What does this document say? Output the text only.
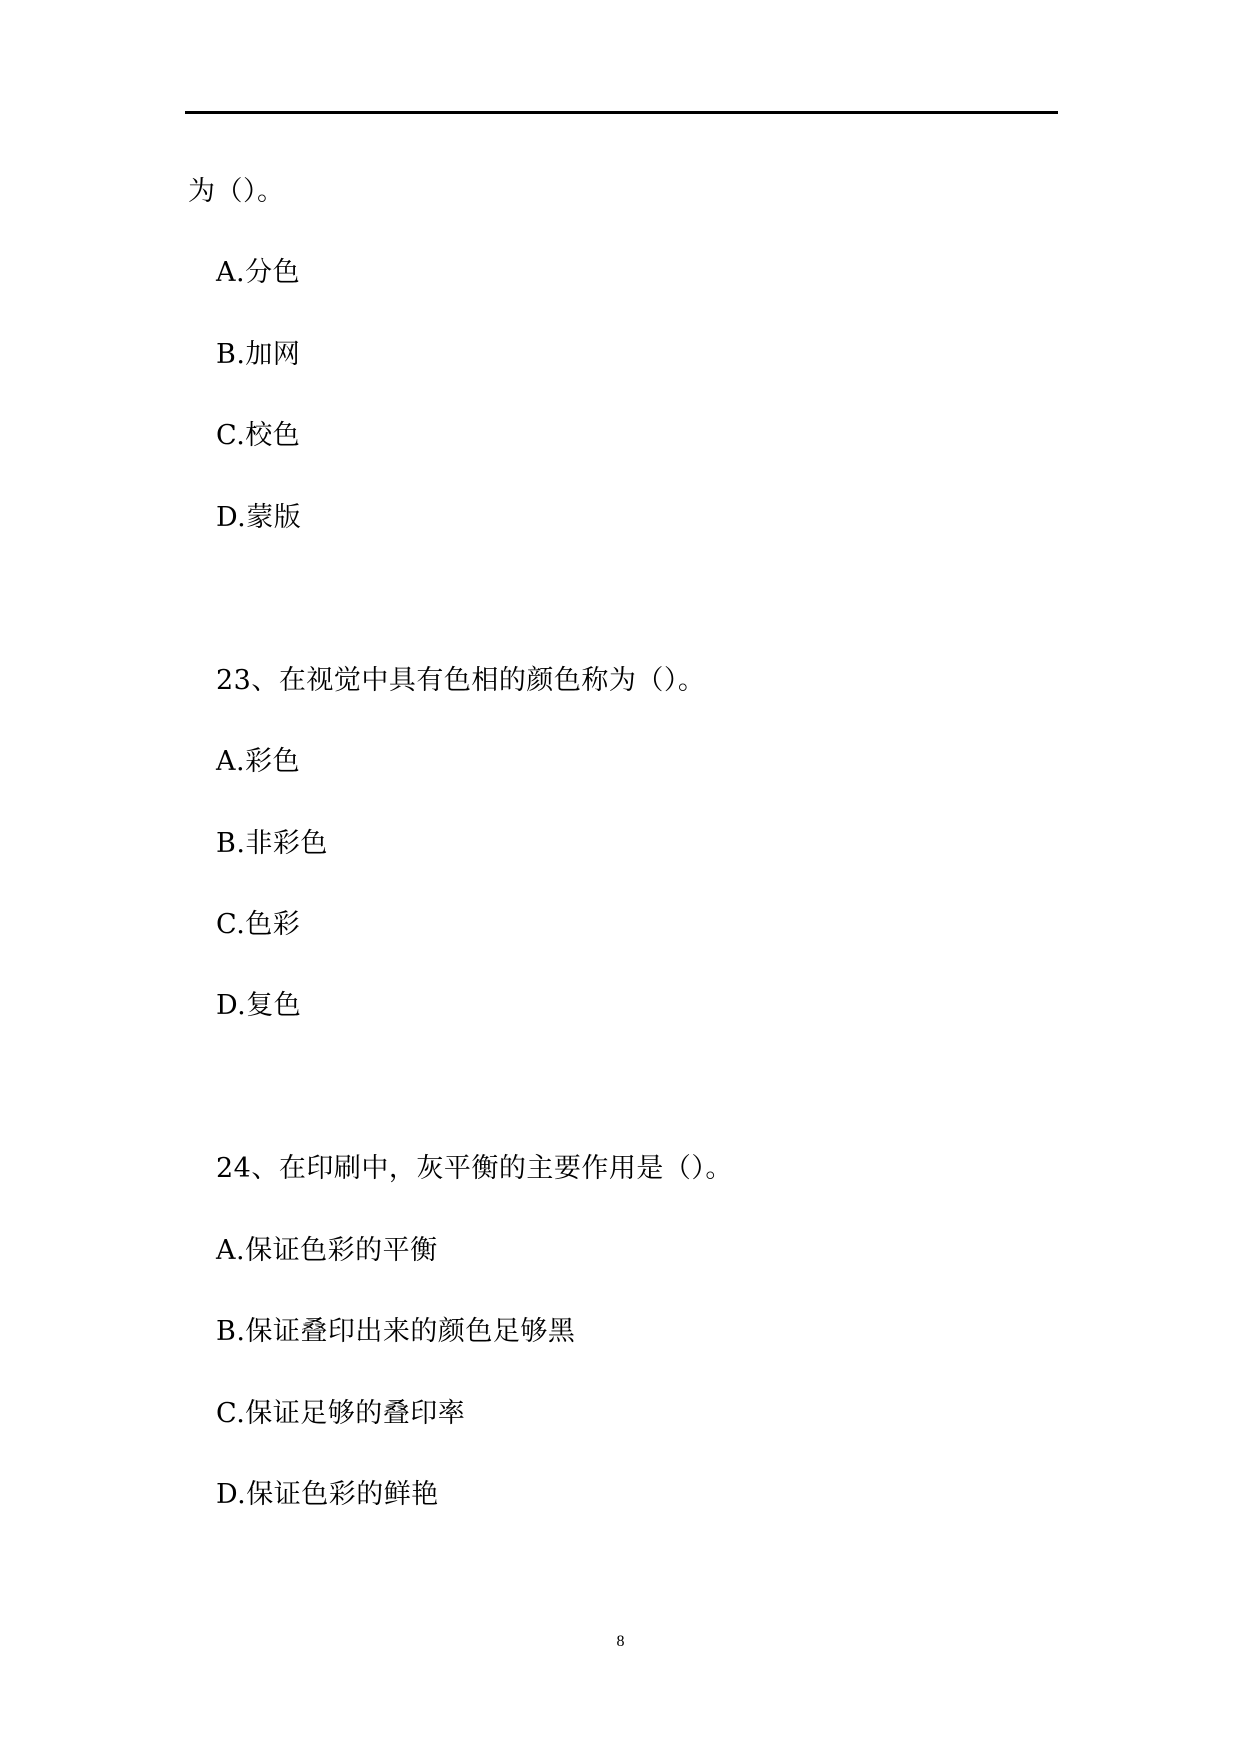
为（）。
A.分色
B.加网
C.校色
D.蒙版
23、在视觉中具有色相的颜色称为（）。
A.彩色
B.非彩色
C.色彩
D.复色
24、在印刷中，灰平衡的主要作用是（）。
A.保证色彩的平衡
B.保证叠印出来的颜色足够黑
C.保证足够的叠印率
D.保证色彩的鲜艳
8
